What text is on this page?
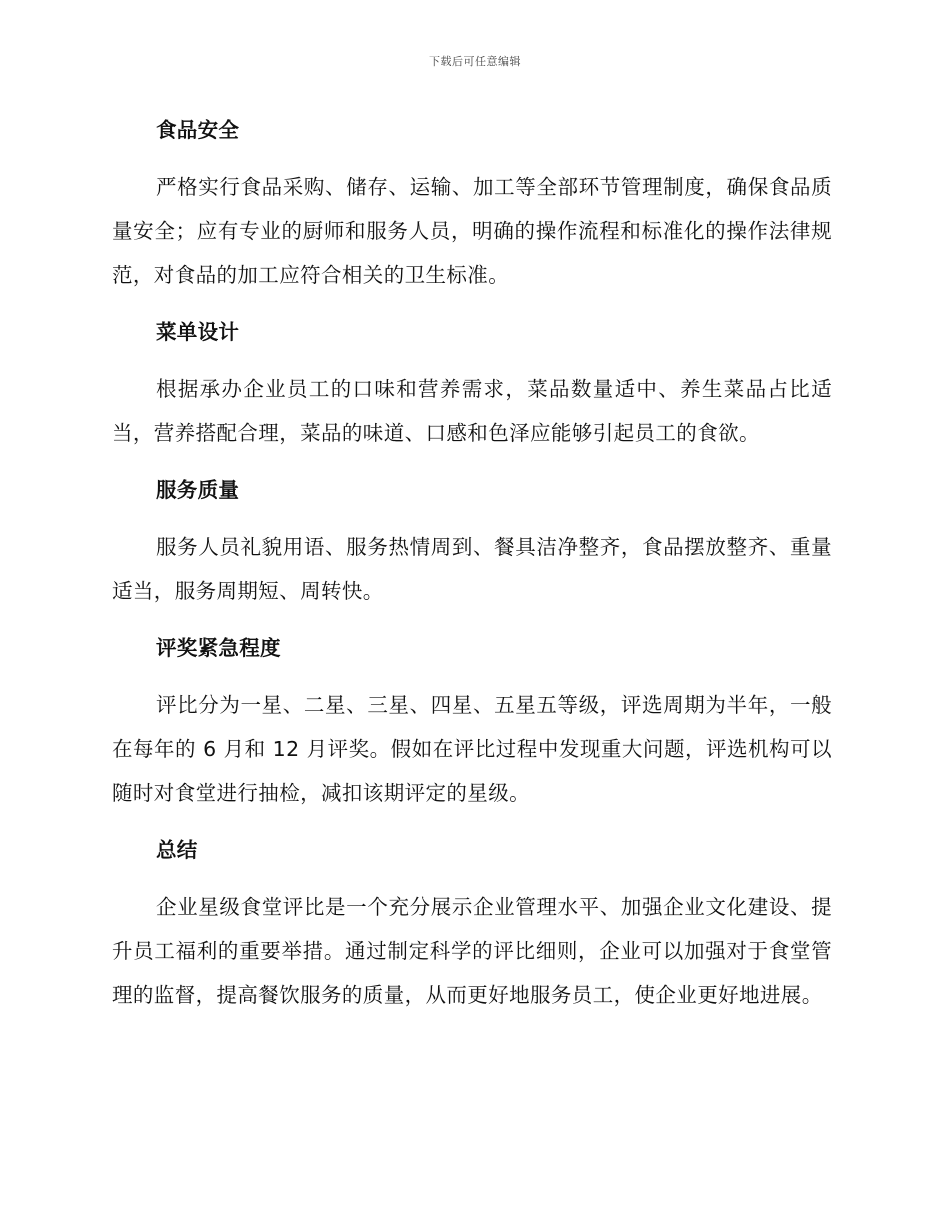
下载后可任意编辑
食品安全

严格实行食品采购、储存、运输、加工等全部环节管理制度，确保食品质量安全；应有专业的厨师和服务人员，明确的操作流程和标准化的操作法律规范，对食品的加工应符合相关的卫生标准。

菜单设计

根据承办企业员工的口味和营养需求，菜品数量适中、养生菜品占比适当，营养搭配合理，菜品的味道、口感和色泽应能够引起员工的食欲。

服务质量

服务人员礼貌用语、服务热情周到、餐具洁净整齐，食品摆放整齐、重量适当，服务周期短、周转快。

评奖紧急程度

评比分为一星、二星、三星、四星、五星五等级，评选周期为半年，一般在每年的 6 月和 12 月评奖。假如在评比过程中发现重大问题，评选机构可以随时对食堂进行抽检，减扣该期评定的星级。

总结

企业星级食堂评比是一个充分展示企业管理水平、加强企业文化建设、提升员工福利的重要举措。通过制定科学的评比细则，企业可以加强对于食堂管理的监督，提高餐饮服务的质量，从而更好地服务员工，使企业更好地进展。
